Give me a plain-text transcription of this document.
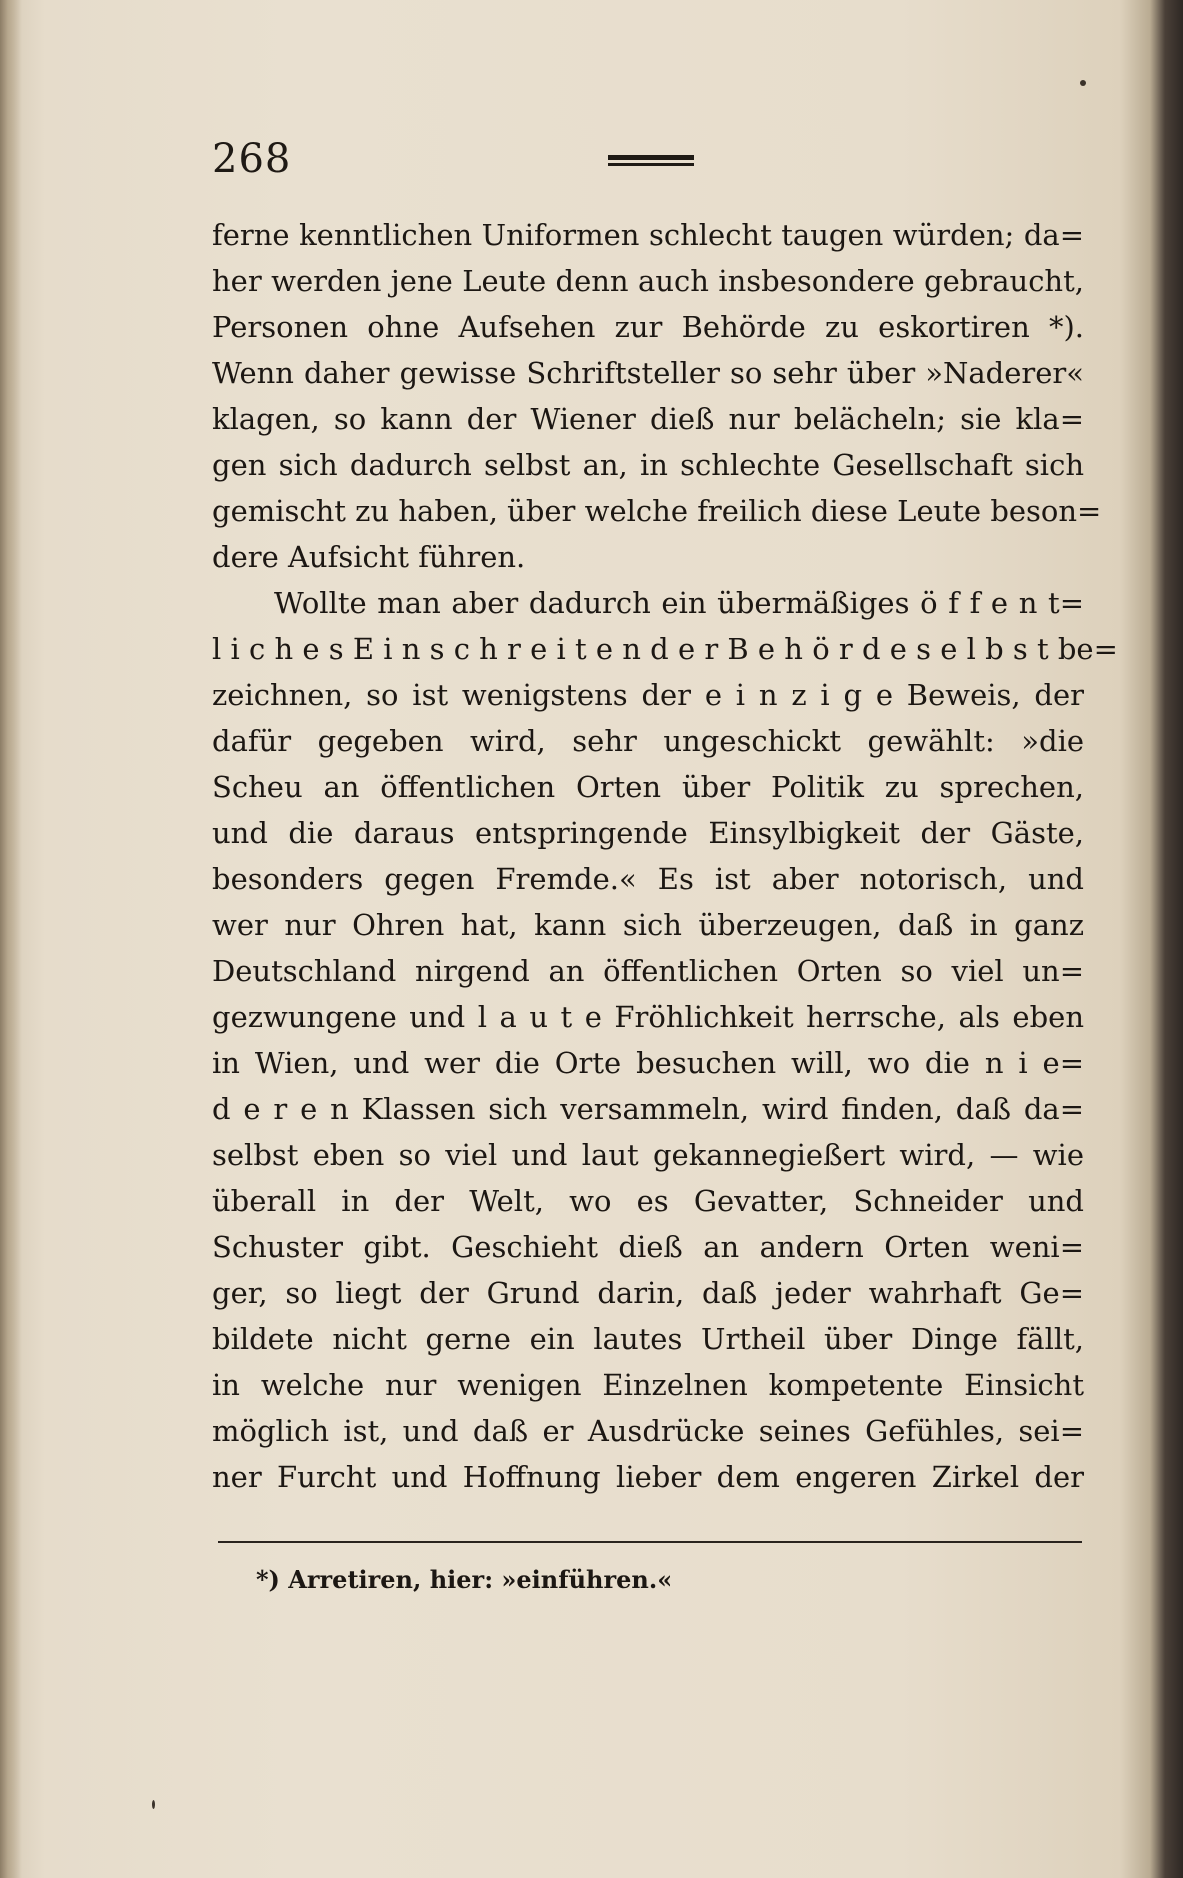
268
ferne kenntlichen Uniformen schlecht taugen würden; da=
her werden jene Leute denn auch insbesondere gebraucht,
Personen ohne Aufsehen zur Behörde zu eskortiren *).
Wenn daher gewisse Schriftsteller so sehr über »Naderer«
klagen, so kann der Wiener dieß nur belächeln; sie kla=
gen sich dadurch selbst an, in schlechte Gesellschaft sich
gemischt zu haben, über welche freilich diese Leute beson=
dere Aufsicht führen.
Wollte man aber dadurch ein übermäßiges ö f f e n t=
l i c h e s E i n s c h r e i t e n d e r B e h ö r d e s e l b s t be=
zeichnen, so ist wenigstens der e i n z i g e Beweis, der
dafür gegeben wird, sehr ungeschickt gewählt: »die
Scheu an öffentlichen Orten über Politik zu sprechen,
und die daraus entspringende Einsylbigkeit der Gäste,
besonders gegen Fremde.« Es ist aber notorisch, und
wer nur Ohren hat, kann sich überzeugen, daß in ganz
Deutschland nirgend an öffentlichen Orten so viel un=
gezwungene und l a u t e Fröhlichkeit herrsche, als eben
in Wien, und wer die Orte besuchen will, wo die n i e=
d e r e n Klassen sich versammeln, wird finden, daß da=
selbst eben so viel und laut gekannegießert wird, — wie
überall in der Welt, wo es Gevatter, Schneider und
Schuster gibt. Geschieht dieß an andern Orten weni=
ger, so liegt der Grund darin, daß jeder wahrhaft Ge=
bildete nicht gerne ein lautes Urtheil über Dinge fällt,
in welche nur wenigen Einzelnen kompetente Einsicht
möglich ist, und daß er Ausdrücke seines Gefühles, sei=
ner Furcht und Hoffnung lieber dem engeren Zirkel der
*) Arretiren, hier: »einführen.«
